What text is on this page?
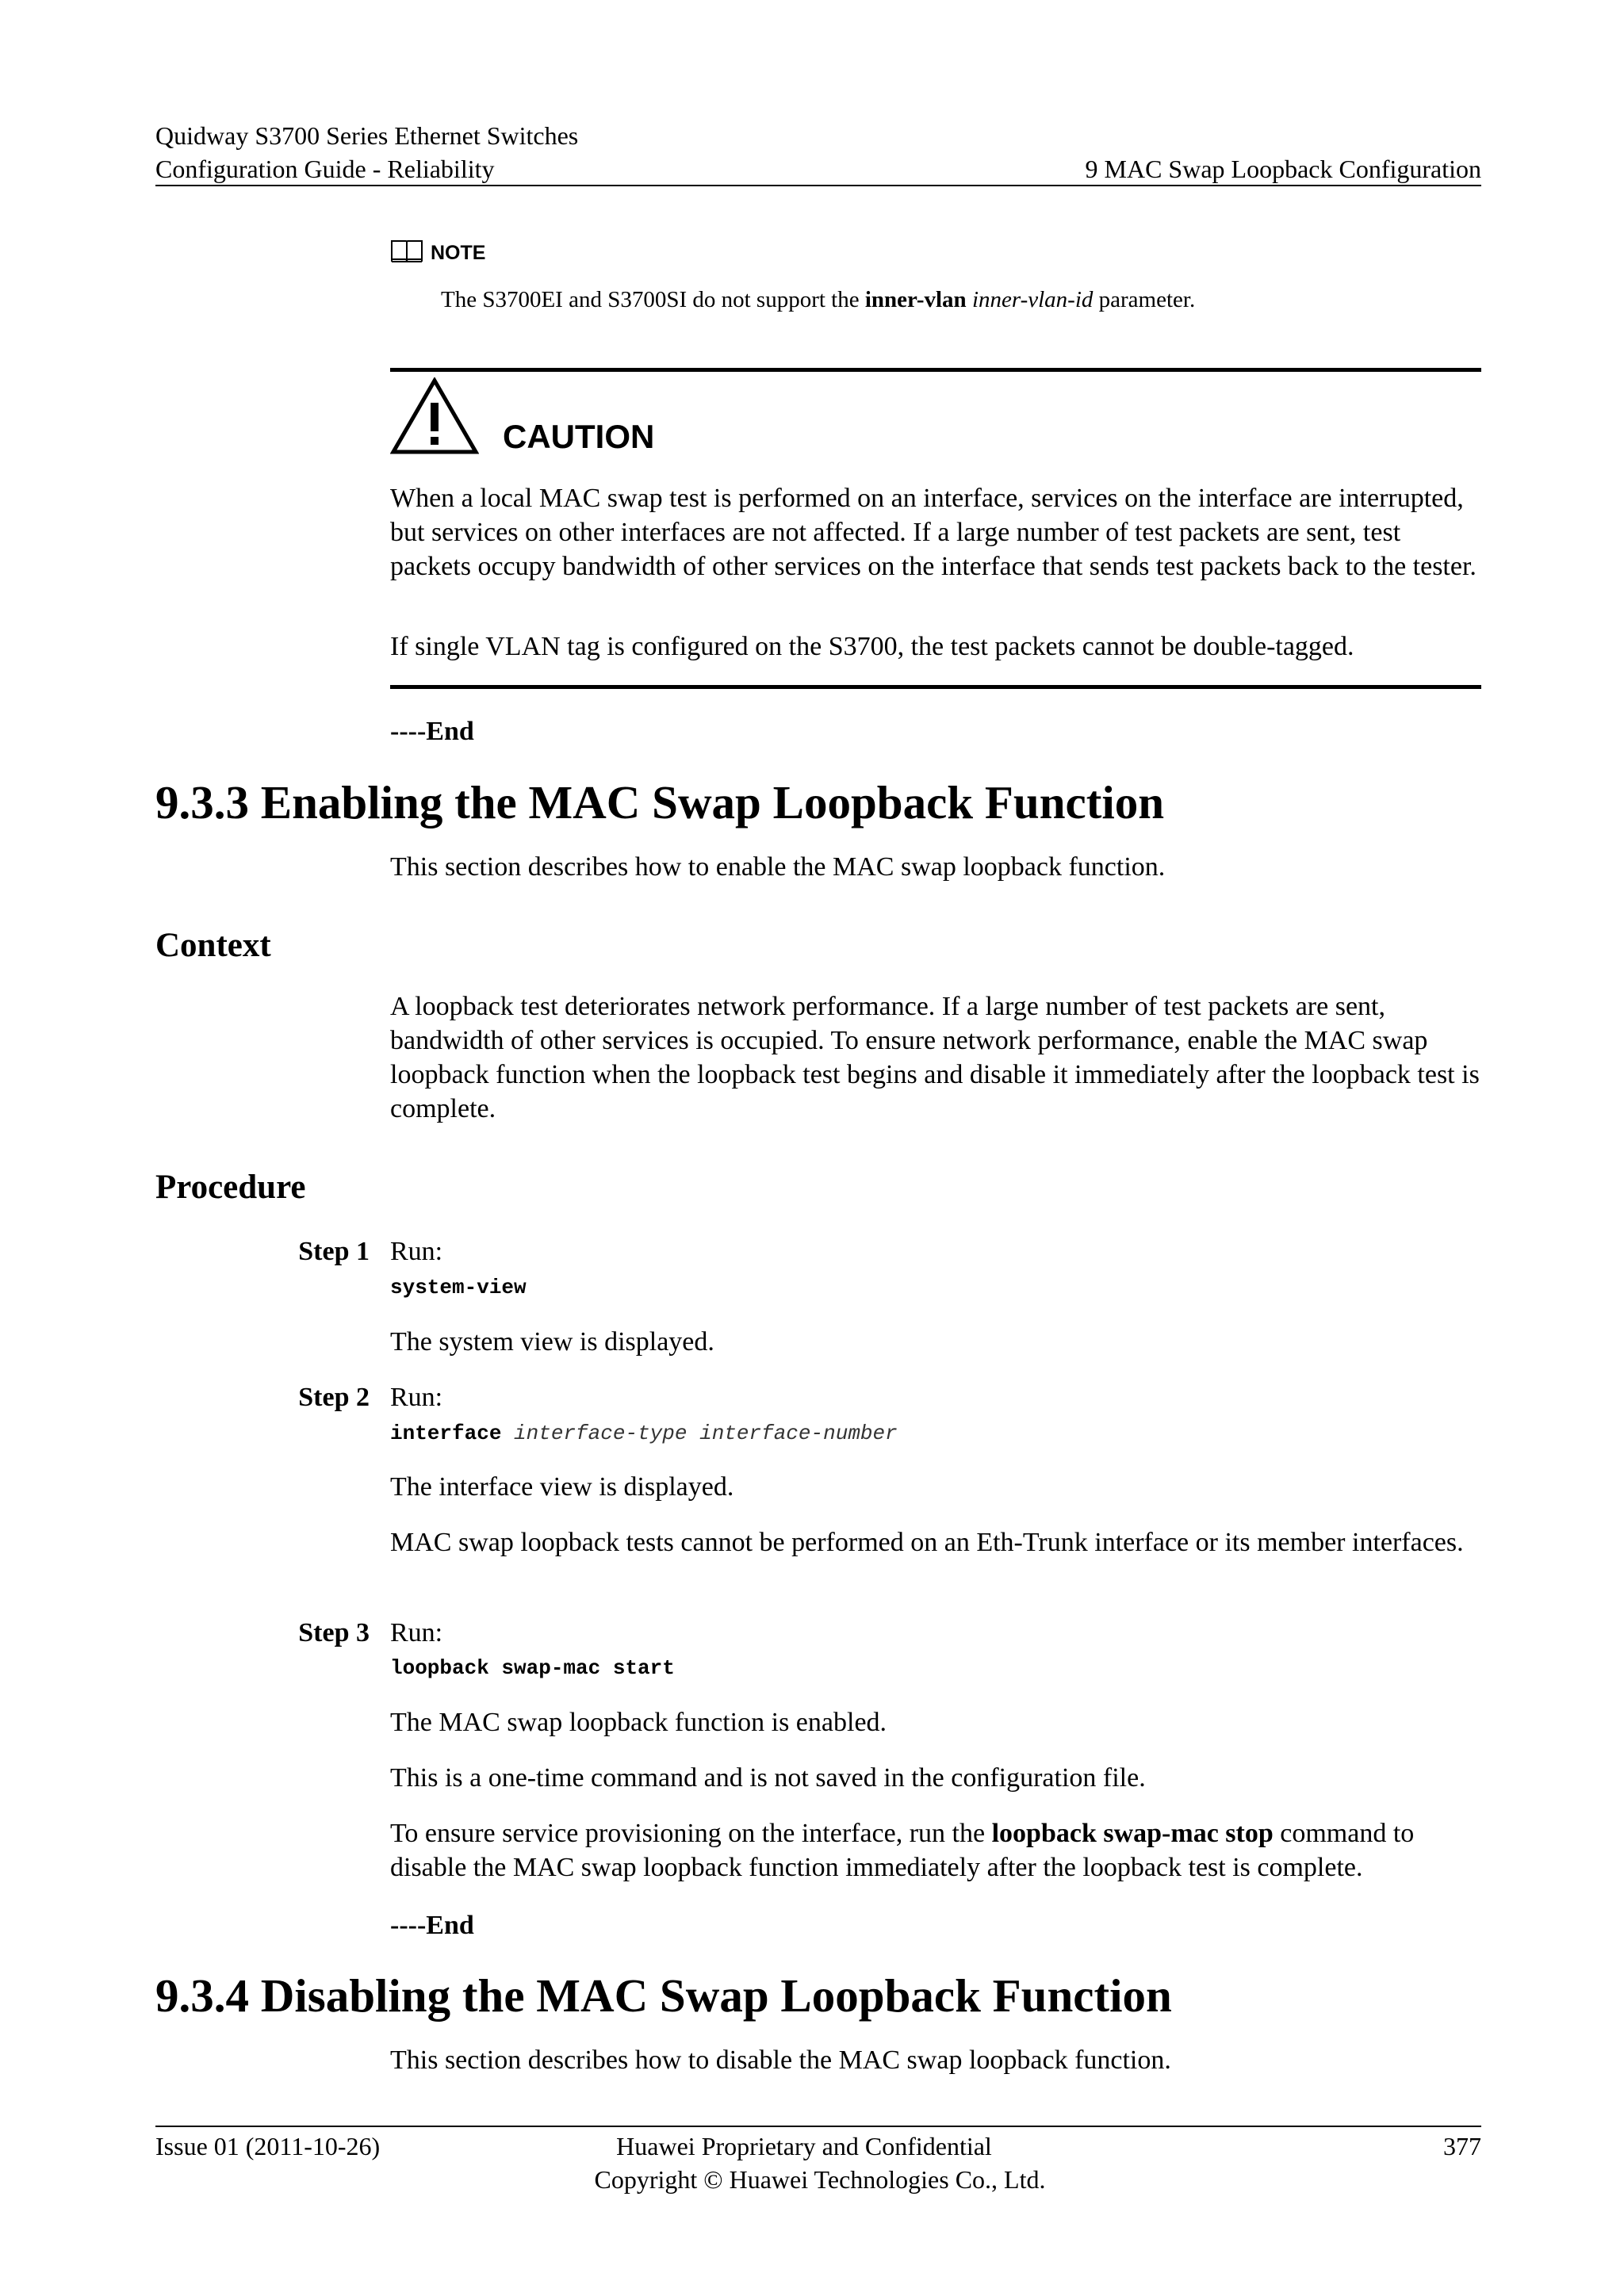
Quidway S3700 Series Ethernet Switches
Configuration Guide - Reliability	9 MAC Swap Loopback Configuration
NOTE
The S3700EI and S3700SI do not support the inner-vlan inner-vlan-id parameter.
CAUTION
When a local MAC swap test is performed on an interface, services on the interface are interrupted, but services on other interfaces are not affected. If a large number of test packets are sent, test packets occupy bandwidth of other services on the interface that sends test packets back to the tester.
If single VLAN tag is configured on the S3700, the test packets cannot be double-tagged.
----End
9.3.3 Enabling the MAC Swap Loopback Function
This section describes how to enable the MAC swap loopback function.
Context
A loopback test deteriorates network performance. If a large number of test packets are sent, bandwidth of other services is occupied. To ensure network performance, enable the MAC swap loopback function when the loopback test begins and disable it immediately after the loopback test is complete.
Procedure
Step 1 Run:
system-view
The system view is displayed.
Step 2 Run:
interface interface-type interface-number
The interface view is displayed.
MAC swap loopback tests cannot be performed on an Eth-Trunk interface or its member interfaces.
Step 3 Run:
loopback swap-mac start
The MAC swap loopback function is enabled.
This is a one-time command and is not saved in the configuration file.
To ensure service provisioning on the interface, run the loopback swap-mac stop command to disable the MAC swap loopback function immediately after the loopback test is complete.
----End
9.3.4 Disabling the MAC Swap Loopback Function
This section describes how to disable the MAC swap loopback function.
Issue 01 (2011-10-26)	Huawei Proprietary and Confidential
Copyright © Huawei Technologies Co., Ltd.
377
